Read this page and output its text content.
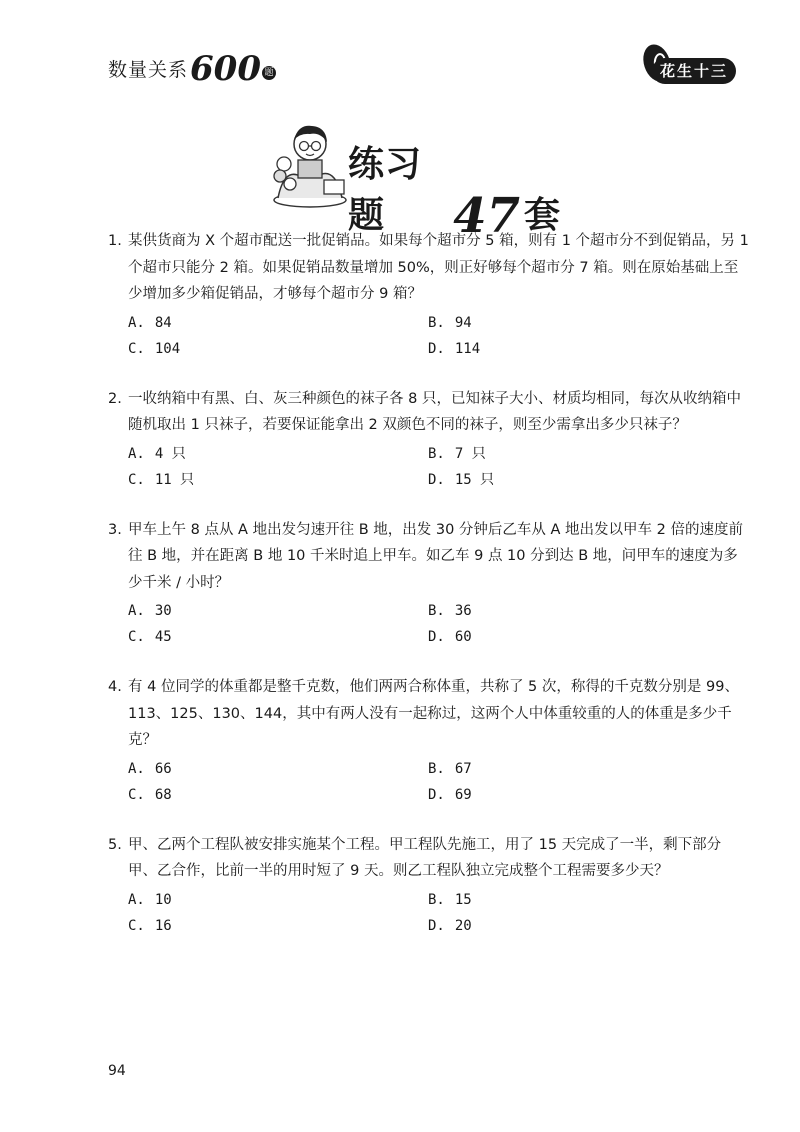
数量关系 600 题	花生十三
练习题	47 套
1. 某供货商为 X 个超市配送一批促销品。如果每个超市分 5 箱，则有 1 个超市分不到促销品，另 1 个超市只能分 2 箱。如果促销品数量增加 50%，则正好够每个超市分 7 箱。则在原始基础上至少增加多少箱促销品，才够每个超市分 9 箱？
A. 84	B. 94
C. 104	D. 114
2. 一收纳箱中有黑、白、灰三种颜色的袜子各 8 只，已知袜子大小、材质均相同，每次从收纳箱中随机取出 1 只袜子，若要保证能拿出 2 双颜色不同的袜子，则至少需拿出多少只袜子？
A. 4 只	B. 7 只
C. 11 只	D. 15 只
3. 甲车上午 8 点从 A 地出发匀速开往 B 地，出发 30 分钟后乙车从 A 地出发以甲车 2 倍的速度前往 B 地，并在距离 B 地 10 千米时追上甲车。如乙车 9 点 10 分到达 B 地，问甲车的速度为多少千米 / 小时？
A. 30	B. 36
C. 45	D. 60
4. 有 4 位同学的体重都是整千克数，他们两两合称体重，共称了 5 次，称得的千克数分别是 99、113、125、130、144，其中有两人没有一起称过，这两个人中体重较重的人的体重是多少千克？
A. 66	B. 67
C. 68	D. 69
5. 甲、乙两个工程队被安排实施某个工程。甲工程队先施工，用了 15 天完成了一半，剩下部分甲、乙合作，比前一半的用时短了 9 天。则乙工程队独立完成整个工程需要多少天？
A. 10	B. 15
C. 16	D. 20
94
